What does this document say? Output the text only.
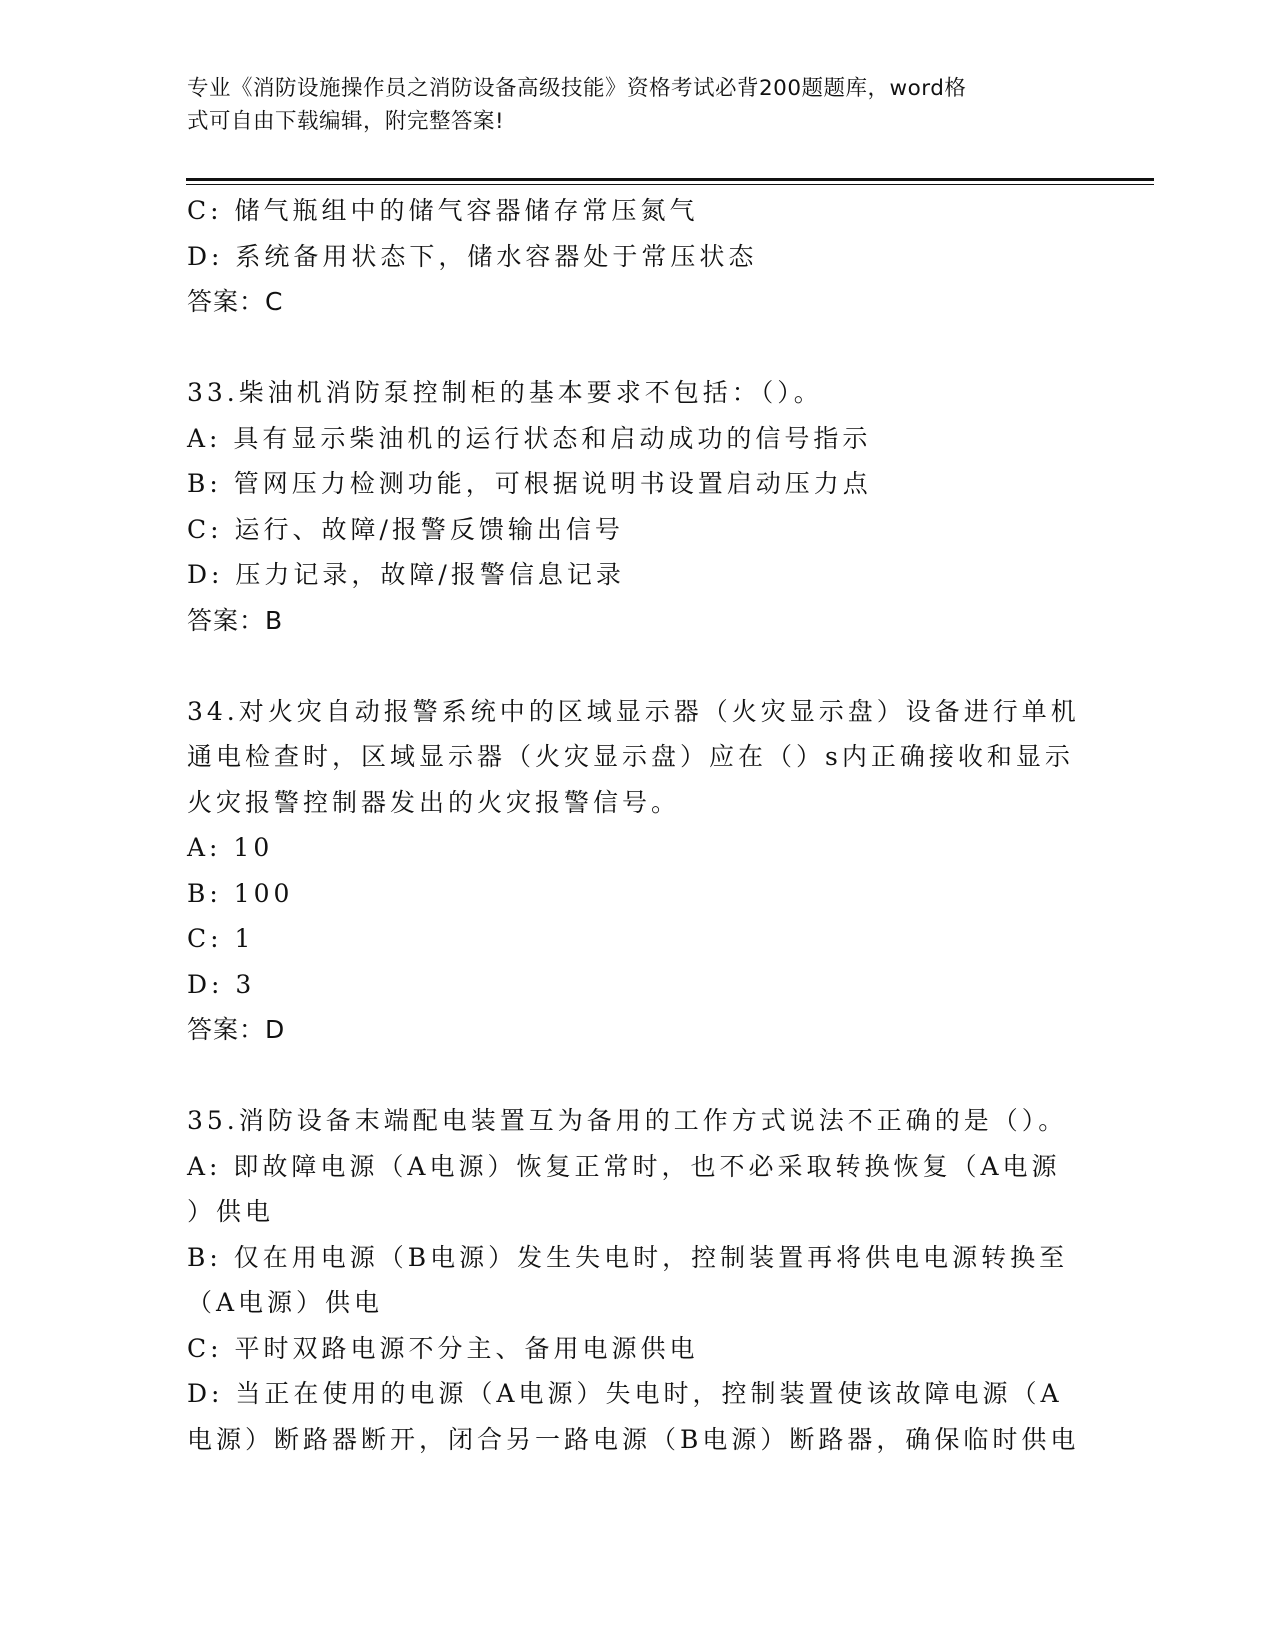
专业《消防设施操作员之消防设备高级技能》资格考试必背200题题库，word格
式可自由下载编辑，附完整答案!

C: 储气瓶组中的储气容器储存常压氮气

D: 系统备用状态下，储水容器处于常压状态

答案：C

33.柴油机消防泵控制柜的基本要求不包括：（）。

A: 具有显示柴油机的运行状态和启动成功的信号指示

B: 管网压力检测功能，可根据说明书设置启动压力点

C: 运行、故障/报警反馈输出信号

D: 压力记录，故障/报警信息记录

答案：B

34.对火灾自动报警系统中的区域显示器（火灾显示盘）设备进行单机

通电检查时，区域显示器（火灾显示盘）应在（）s内正确接收和显示

火灾报警控制器发出的火灾报警信号。

A: 10

B: 100

C: 1

D: 3

答案：D

35.消防设备末端配电装置互为备用的工作方式说法不正确的是（）。

A: 即故障电源（A电源）恢复正常时，也不必采取转换恢复（A电源

）供电

B: 仅在用电源（B电源）发生失电时，控制装置再将供电电源转换至

（A电源）供电

C: 平时双路电源不分主、备用电源供电

D: 当正在使用的电源（A电源）失电时，控制装置使该故障电源（A

电源）断路器断开，闭合另一路电源（B电源）断路器，确保临时供电
